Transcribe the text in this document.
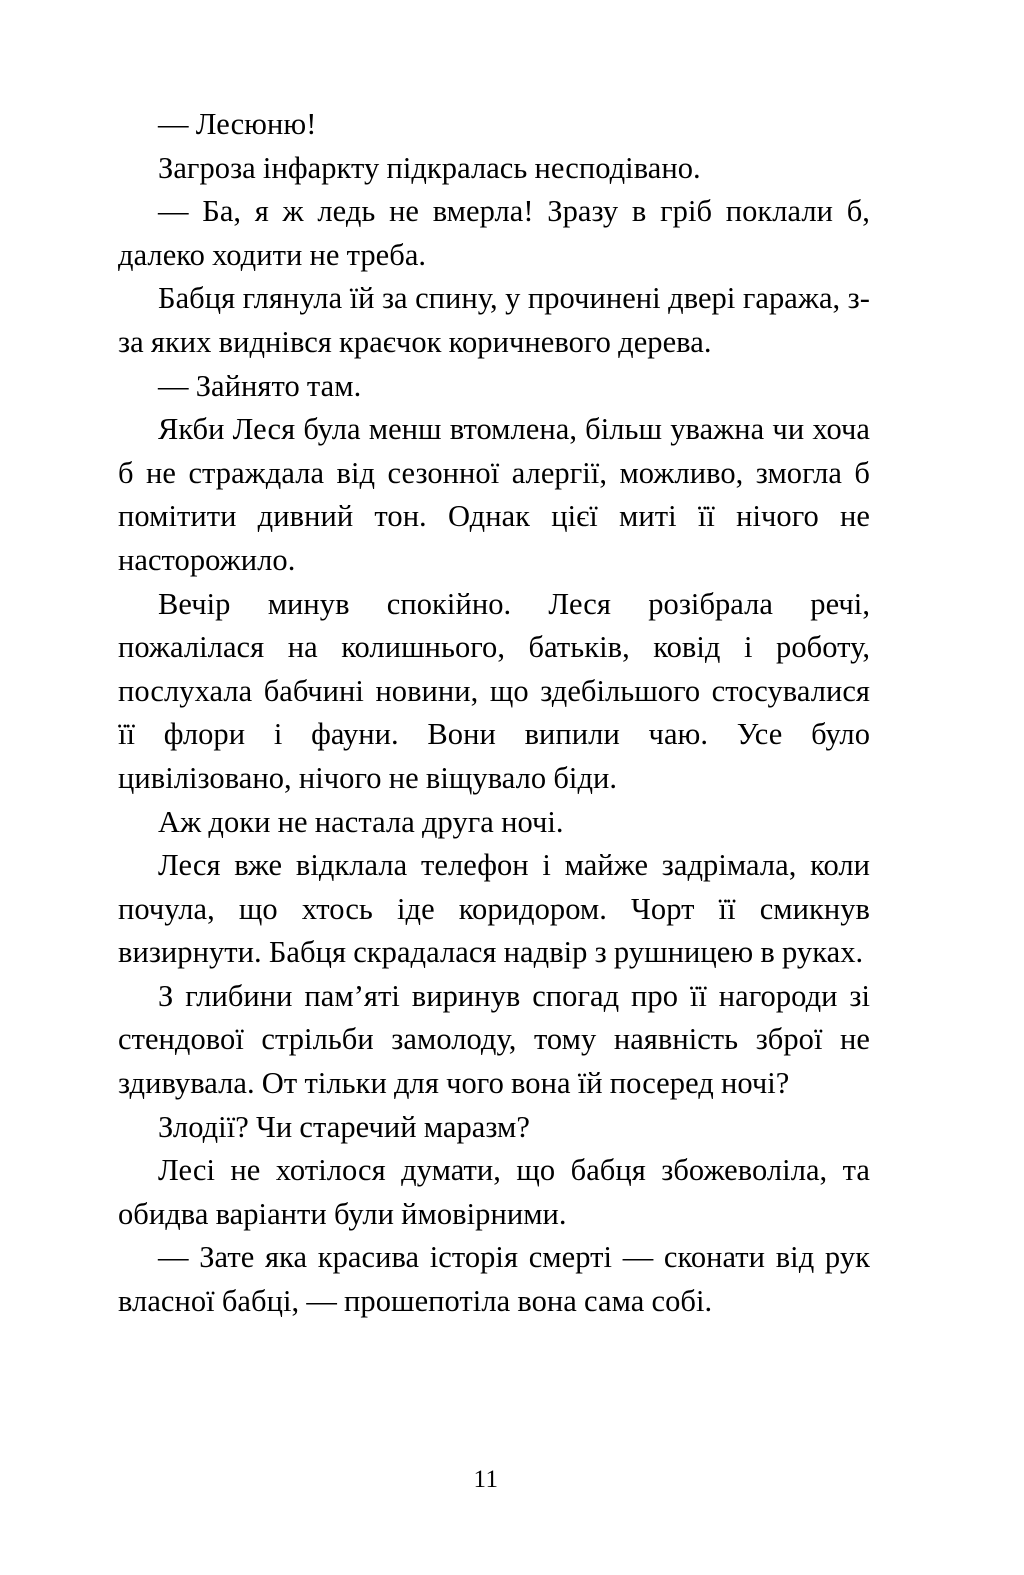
— Лесюню!

Загроза інфаркту підкралась несподівано.

— Ба, я ж ледь не вмерла! Зразу в гріб поклали б, далеко ходити не треба.

Бабця глянула їй за спину, у прочинені двері гаража, з-за яких виднівся краєчок коричневого дерева.

— Зайнято там.

Якби Леся була менш втомлена, більш уважна чи хоча б не страждала від сезонної алергії, можливо, змогла б помітити дивний тон. Однак цієї миті її нічого не насторожило.

Вечір минув спокійно. Леся розібрала речі, пожалілася на колишнього, батьків, ковід і роботу, послухала бабчині новини, що здебільшого стосувалися її флори і фауни. Вони випили чаю. Усе було цивілізовано, нічого не віщувало біди.

Аж доки не настала друга ночі.

Леся вже відклала телефон і майже задрімала, коли почула, що хтось іде коридором. Чорт її смикнув визирнути. Бабця скрадалася надвір з рушницею в руках.

З глибини пам’яті виринув спогад про її нагороди зі стендової стрільби замолоду, тому наявність зброї не здивувала. От тільки для чого вона їй посеред ночі?

Злодії? Чи старечий маразм?

Лесі не хотілося думати, що бабця збожеволіла, та обидва варіанти були ймовірними.

— Зате яка красива історія смерті — сконати від рук власної бабці, — прошепотіла вона сама собі.

11
